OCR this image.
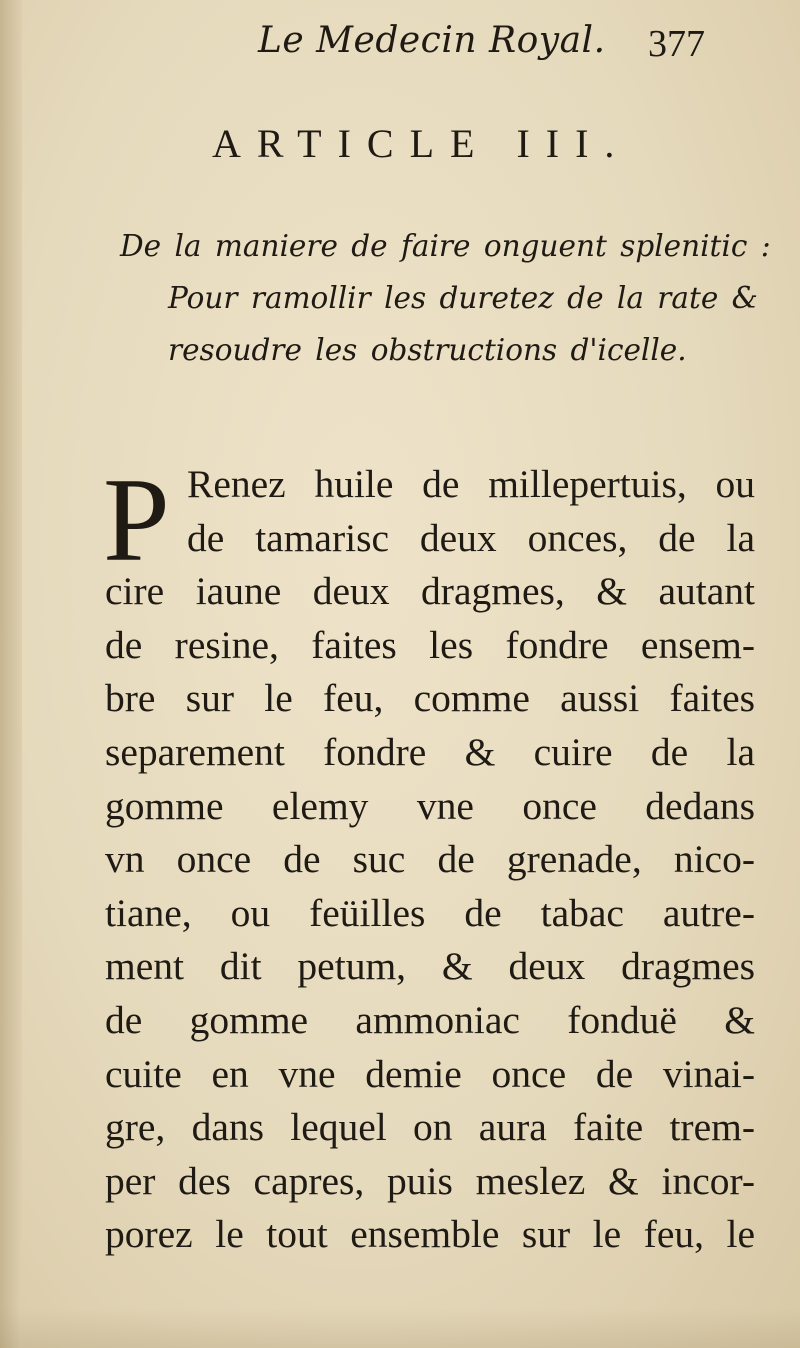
Le Medecin Royal. 377
ARTICLE III.
De la maniere de faire onguent splenitic : Pour ramollir les duretez de la rate & resoudre les obstructions d'icelle.
P Renez huile de millepertuis, ou
de tamarisc deux onces, de la
cire iaune deux dragmes, & autant
de resine, faites les fondre ensem-
bre sur le feu, comme aussi faites
separement fondre & cuire de la
gomme elemy vne once dedans
vn once de suc de grenade, nico-
tiane, ou feüilles de tabac autre-
ment dit petum, & deux dragmes
de gomme ammoniac fonduë &
cuite en vne demie once de vinai-
gre, dans lequel on aura faite trem-
per des capres, puis meslez & incor-
porez le tout ensemble sur le feu, le
